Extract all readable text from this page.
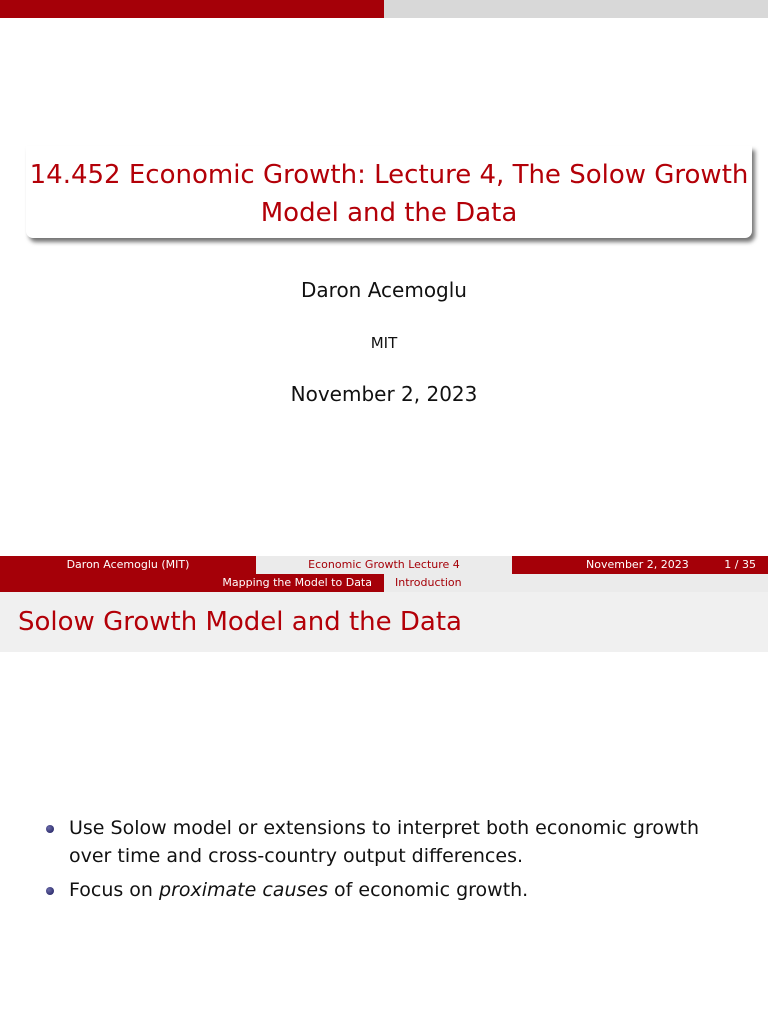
14.452 Economic Growth: Lecture 4, The Solow Growth Model and the Data
Daron Acemoglu
MIT
November 2, 2023
Daron Acemoglu (MIT)	Economic Growth Lecture 4	November 2, 2023	1 / 35
Mapping the Model to Data Introduction
Solow Growth Model and the Data
Use Solow model or extensions to interpret both economic growth over time and cross-country output differences.
Focus on proximate causes of economic growth.
